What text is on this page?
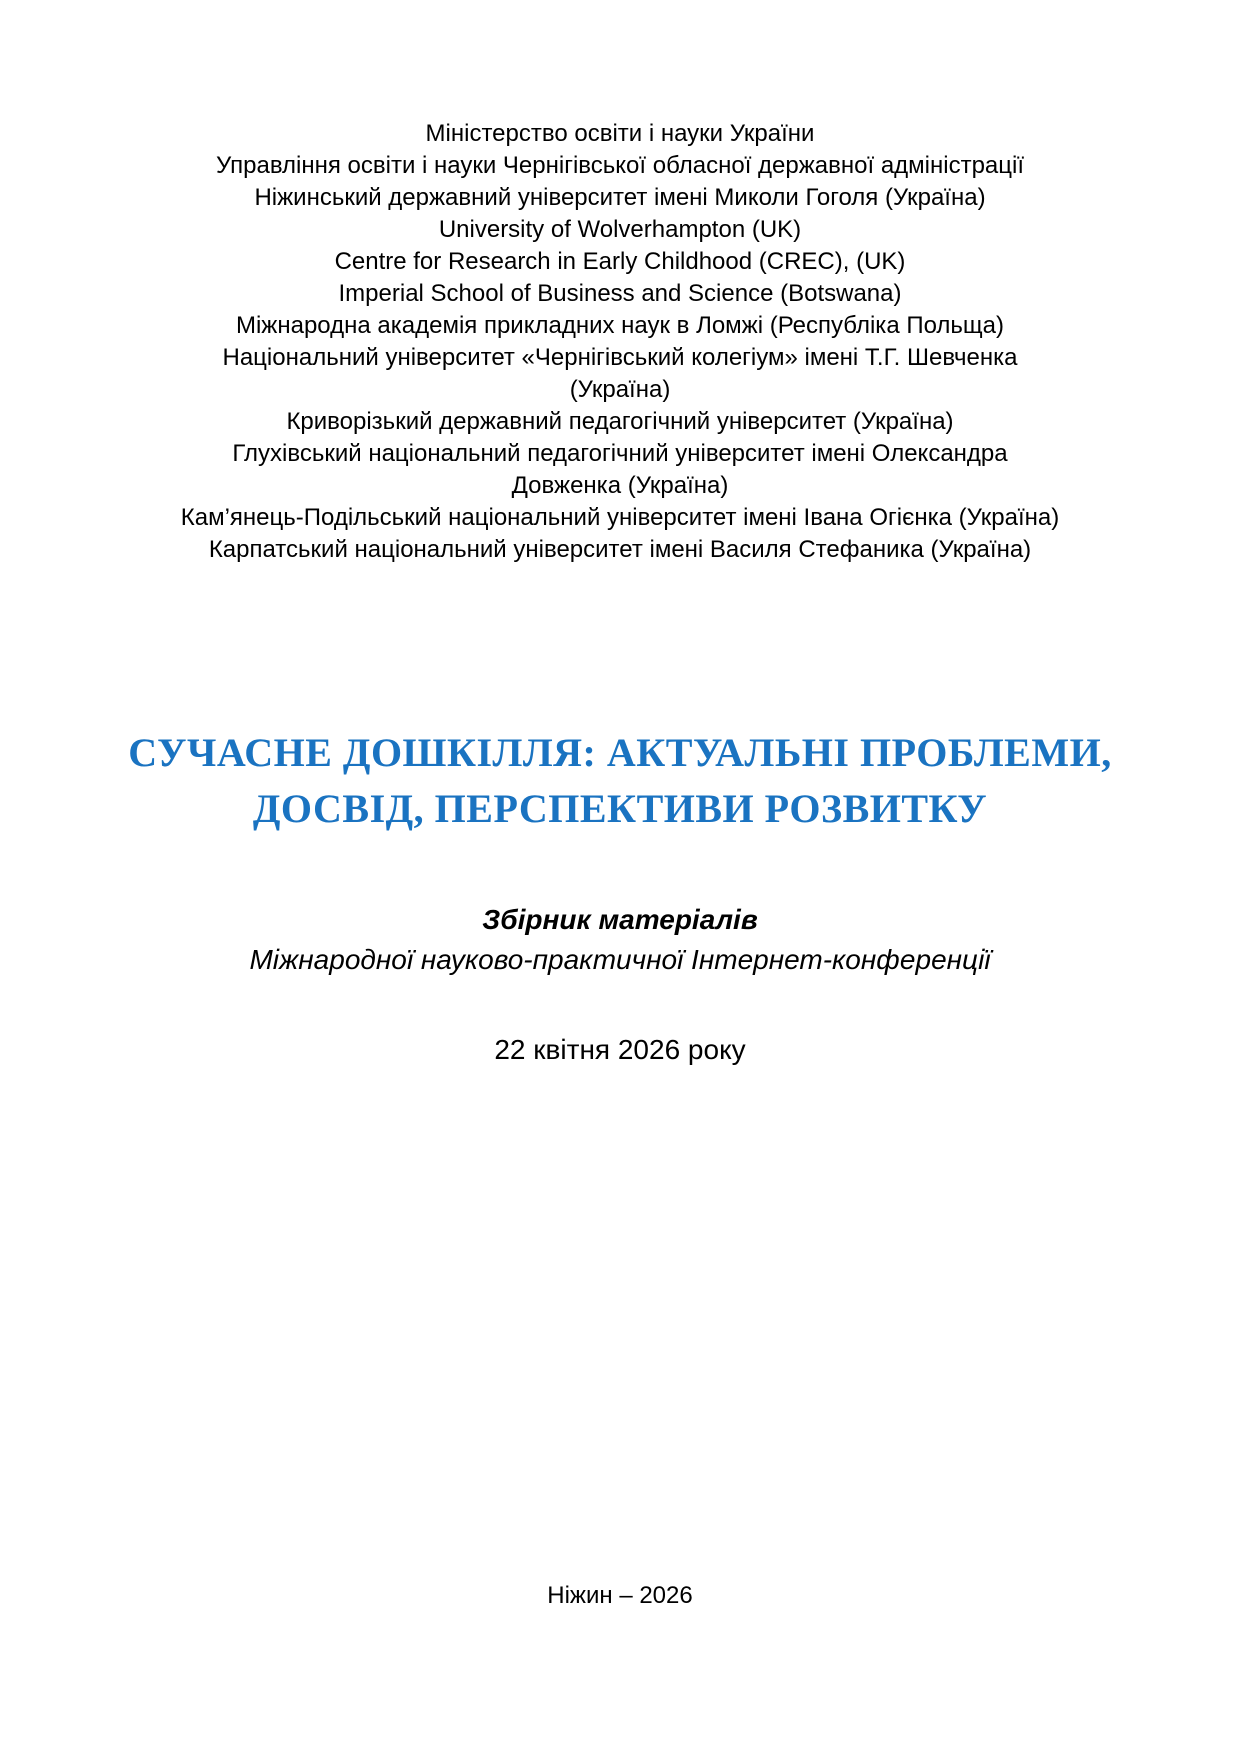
Міністерство освіти і науки України
Управління освіти і науки Чернігівської обласної державної адміністрації
Ніжинський державний університет імені Миколи Гоголя (Україна)
University of Wolverhampton (UK)
Centre for Research in Early Childhood (CREC), (UK)
Imperial School of Business and Science (Botswana)
Міжнародна академія прикладних наук в Ломжі (Республіка Польща)
Національний університет «Чернігівський колегіум» імені Т.Г. Шевченка
(Україна)
Криворізький державний педагогічний університет (Україна)
Глухівський національний педагогічний університет імені Олександра
Довженка (Україна)
Кам’янець-Подільський національний університет імені Івана Огієнка (Україна)
Карпатський національний університет імені Василя Стефаника (Україна)
СУЧАСНЕ ДОШКІЛЛЯ: АКТУАЛЬНІ ПРОБЛЕМИ,
ДОСВІД, ПЕРСПЕКТИВИ РОЗВИТКУ
Збірник матеріалів
Міжнародної науково-практичної Інтернет-конференції
22 квітня 2026 року
Ніжин – 2026
